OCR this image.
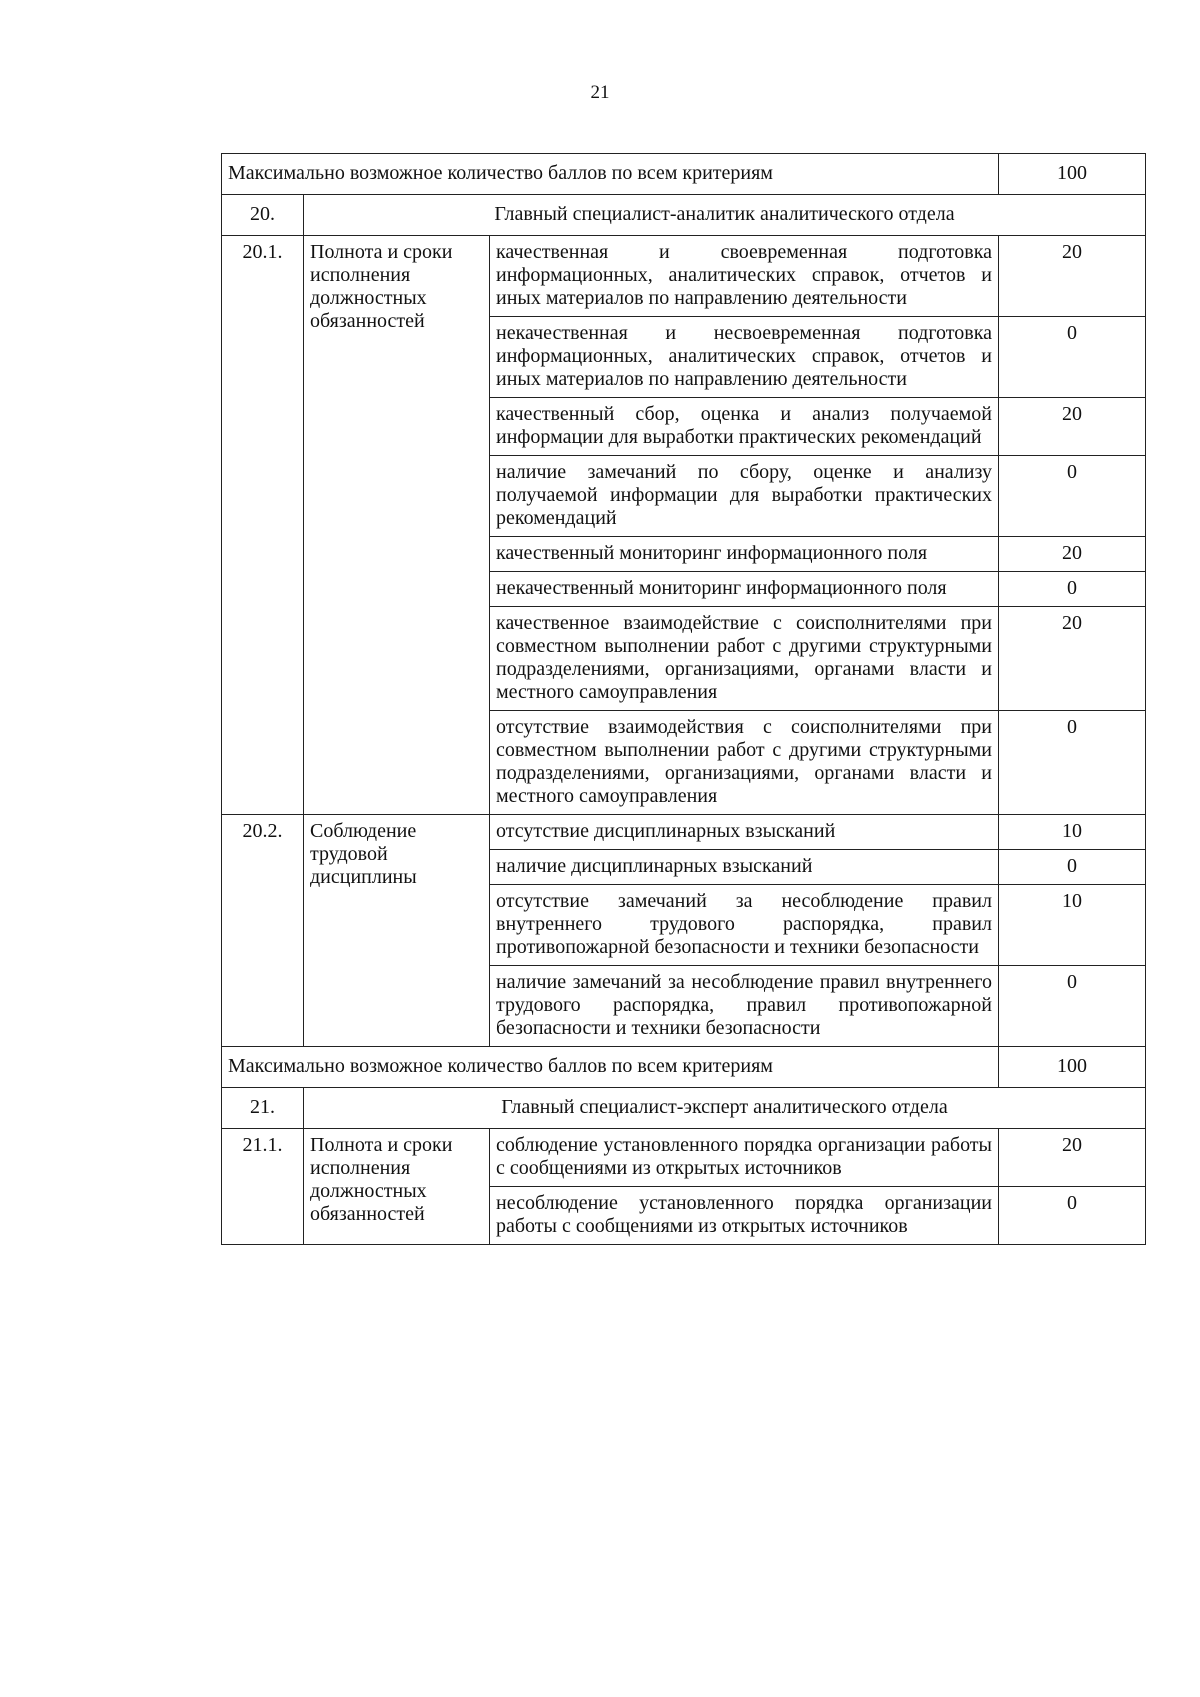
21
Максимально возможное количество баллов по всем критериям			100
20.	Главный специалист-аналитик аналитического отдела		
20.1.	Полнота и сроки исполнения должностных обязанностей	качественная и своевременная подготовка информационных, аналитических справок, отчетов и иных материалов по направлению деятельности	20
		некачественная и несвоевременная подготовка информационных, аналитических справок, отчетов и иных материалов по направлению деятельности	0
		качественный сбор, оценка и анализ получаемой информации для выработки практических рекомендаций	20
		наличие замечаний по сбору, оценке и анализу получаемой информации для выработки практических рекомендаций	0
		качественный мониторинг информационного поля	20
		некачественный мониторинг информационного поля	0
		качественное взаимодействие с соисполнителями при совместном выполнении работ с другими структурными подразделениями, организациями, органами власти и местного самоуправления	20
		отсутствие взаимодействия с соисполнителями при совместном выполнении работ с другими структурными подразделениями, организациями, органами власти и местного самоуправления	0
20.2.	Соблюдение трудовой дисциплины	отсутствие дисциплинарных взысканий	10
		наличие дисциплинарных взысканий	0
		отсутствие замечаний за несоблюдение правил внутреннего трудового распорядка, правил противопожарной безопасности и техники безопасности	10
		наличие замечаний за несоблюдение правил внутреннего трудового распорядка, правил противопожарной безопасности и техники безопасности	0
Максимально возможное количество баллов по всем критериям			100
21.	Главный специалист-эксперт аналитического отдела		
21.1.	Полнота и сроки исполнения должностных обязанностей	соблюдение установленного порядка организации работы с сообщениями из открытых источников	20
		несоблюдение установленного порядка организации работы с сообщениями из открытых источников	0
